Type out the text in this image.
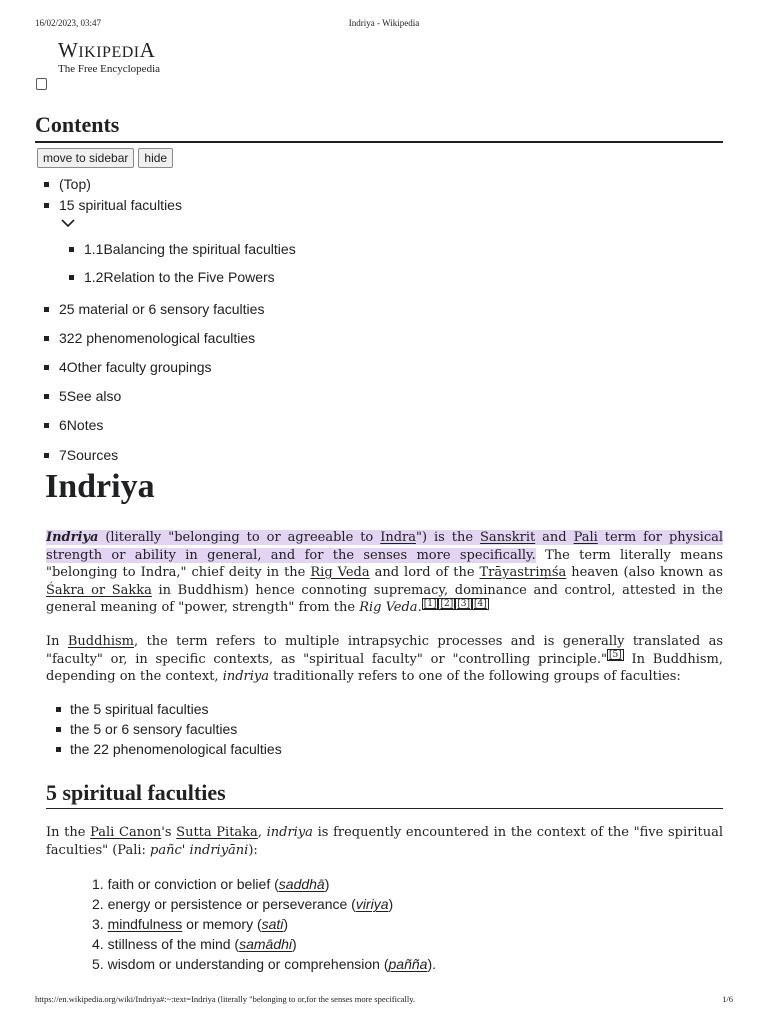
16/02/2023, 03:47	Indriya - Wikipedia
WIKIPEDIA
The Free Encyclopedia
Contents
move to sidebar	hide
(Top)
15 spiritual faculties
1.1Balancing the spiritual faculties
1.2Relation to the Five Powers
25 material or 6 sensory faculties
322 phenomenological faculties
4Other faculty groupings
5See also
6Notes
7Sources
Indriya
Indriya (literally "belonging to or agreeable to Indra") is the Sanskrit and Pali term for physical strength or ability in general, and for the senses more specifically. The term literally means "belonging to Indra," chief deity in the Rig Veda and lord of the Trāyastriṃśa heaven (also known as Śakra or Sakka in Buddhism) hence connoting supremacy, dominance and control, attested in the general meaning of "power, strength" from the Rig Veda. [1] [2] [3] [4]
In Buddhism, the term refers to multiple intrapsychic processes and is generally translated as "faculty" or, in specific contexts, as "spiritual faculty" or "controlling principle." [5] In Buddhism, depending on the context, indriya traditionally refers to one of the following groups of faculties:
the 5 spiritual faculties
the 5 or 6 sensory faculties
the 22 phenomenological faculties
5 spiritual faculties
In the Pali Canon's Sutta Pitaka, indriya is frequently encountered in the context of the "five spiritual faculties" (Pali: pañc' indriyāni):
1. faith or conviction or belief (saddhā)
2. energy or persistence or perseverance (viriya)
3. mindfulness or memory (sati)
4. stillness of the mind (samādhi)
5. wisdom or understanding or comprehension (pañña).
https://en.wikipedia.org/wiki/Indriya#:~:text=Indriya (literally "belonging to or,for the senses more specifically.	1/6
